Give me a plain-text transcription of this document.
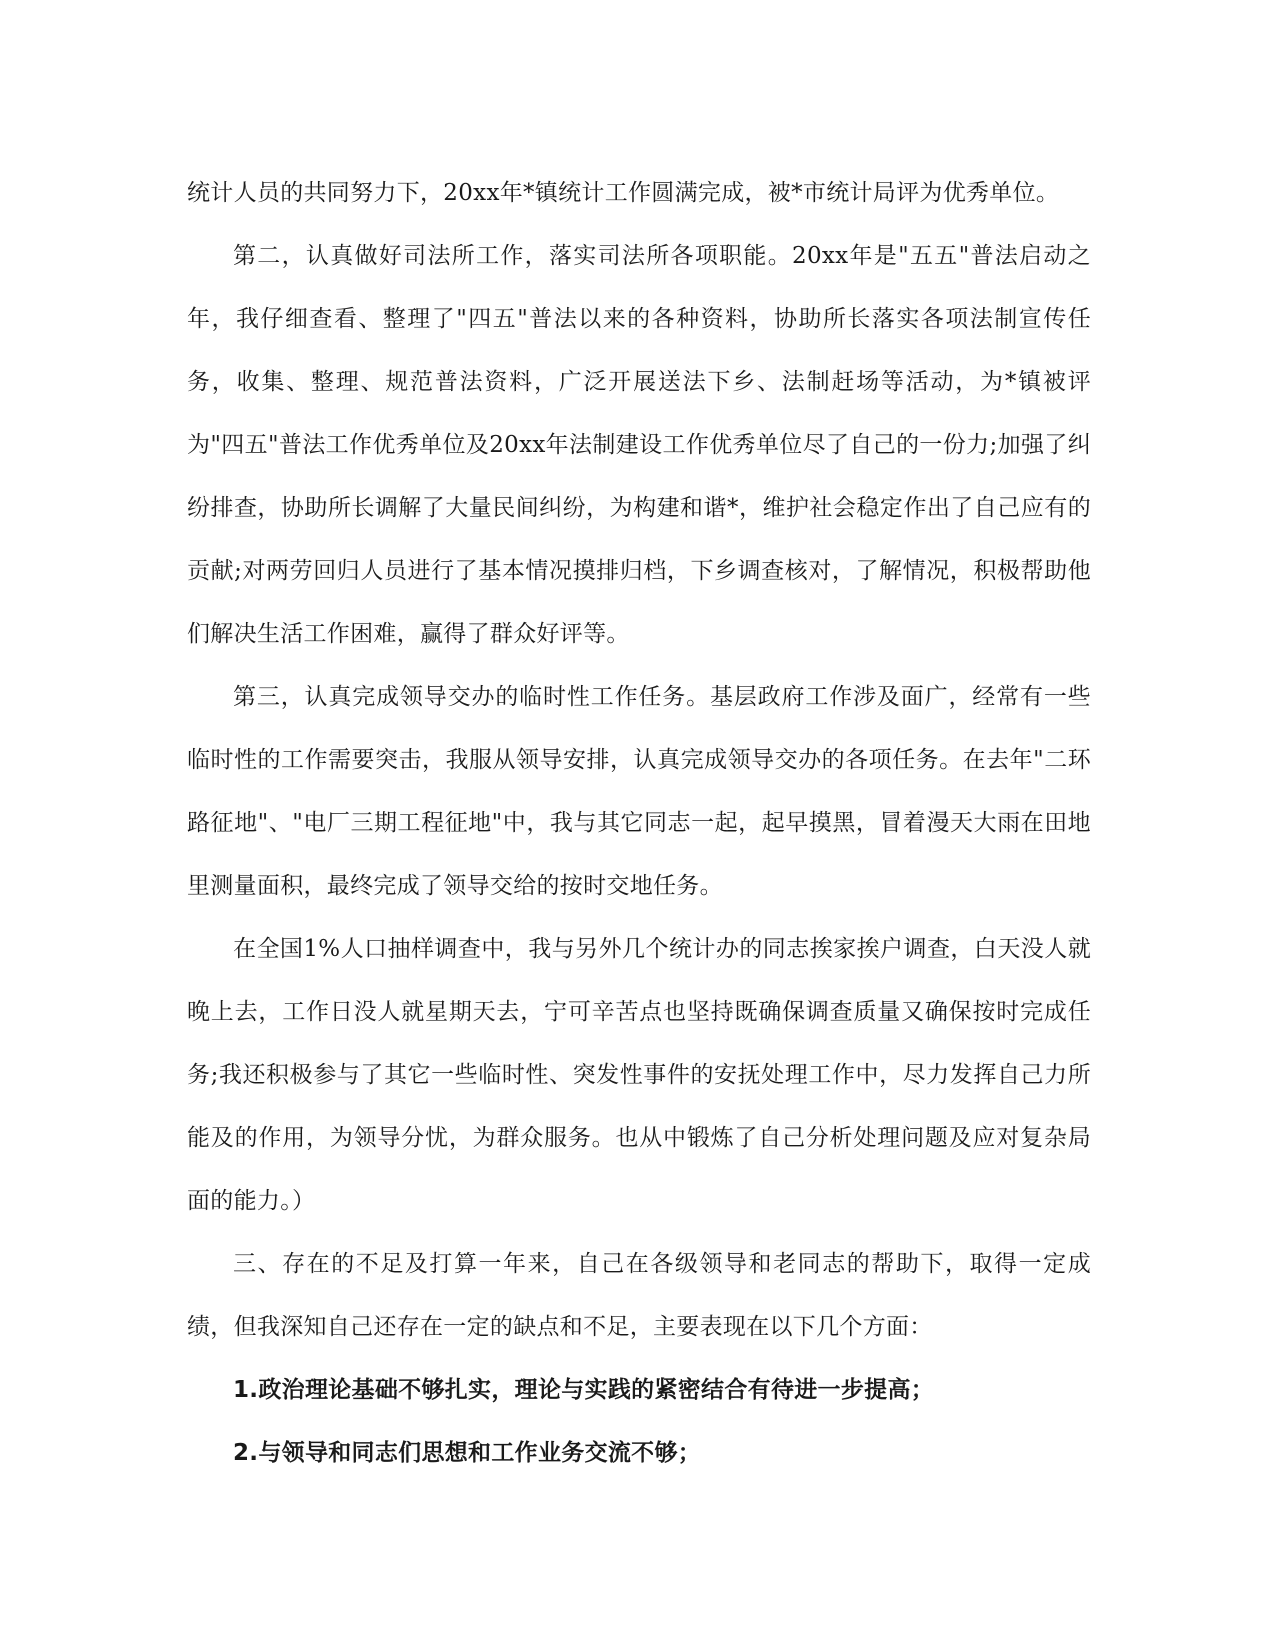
统计人员的共同努力下，20xx年*镇统计工作圆满完成，被*市统计局评为优秀单位。

第二，认真做好司法所工作，落实司法所各项职能。20xx年是"五五"普法启动之年，我仔细查看、整理了"四五"普法以来的各种资料，协助所长落实各项法制宣传任务，收集、整理、规范普法资料，广泛开展送法下乡、法制赶场等活动，为*镇被评为"四五"普法工作优秀单位及20xx年法制建设工作优秀单位尽了自己的一份力;加强了纠纷排查，协助所长调解了大量民间纠纷，为构建和谐*，维护社会稳定作出了自己应有的贡献;对两劳回归人员进行了基本情况摸排归档，下乡调查核对，了解情况，积极帮助他们解决生活工作困难，赢得了群众好评等。

第三，认真完成领导交办的临时性工作任务。基层政府工作涉及面广，经常有一些临时性的工作需要突击，我服从领导安排，认真完成领导交办的各项任务。在去年"二环路征地"、"电厂三期工程征地"中，我与其它同志一起，起早摸黑，冒着漫天大雨在田地里测量面积，最终完成了领导交给的按时交地任务。

在全国1%人口抽样调查中，我与另外几个统计办的同志挨家挨户调查，白天没人就晚上去，工作日没人就星期天去，宁可辛苦点也坚持既确保调查质量又确保按时完成任务;我还积极参与了其它一些临时性、突发性事件的安抚处理工作中，尽力发挥自己力所能及的作用，为领导分忧，为群众服务。也从中锻炼了自己分析处理问题及应对复杂局面的能力。）

三、存在的不足及打算一年来，自己在各级领导和老同志的帮助下，取得一定成绩，但我深知自己还存在一定的缺点和不足，主要表现在以下几个方面：

1.政治理论基础不够扎实，理论与实践的紧密结合有待进一步提高；

2.与领导和同志们思想和工作业务交流不够；
